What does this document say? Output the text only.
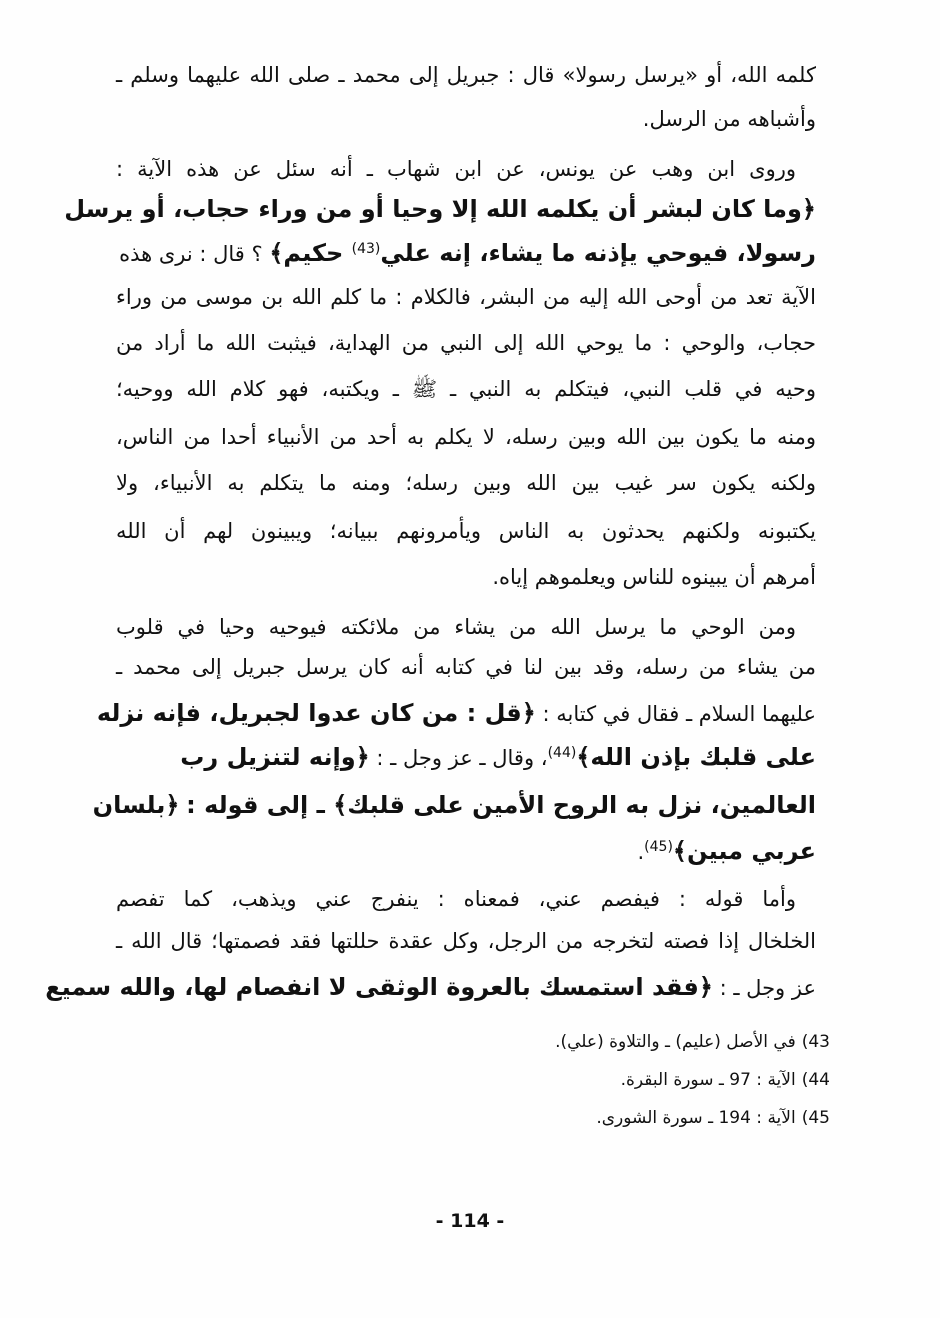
كلمه الله، أو «يرسل رسولا» قال : جبريل إلى محمد ـ صلى الله عليهما وسلم ـ
وأشباهه من الرسل.
وروى ابن وهب عن يونس، عن ابن شهاب ـ أنه سئل عن هذه الآية :
﴿وما كان لبشر أن يكلمه الله إلا وحيا أو من وراء حجاب، أو يرسل
رسولا، فيوحي يإذنه ما يشاء، إنه علي$^{(43)}$ حكيم﴾ ؟ قال : نرى هذه
الآية تعد من أوحى الله إليه من البشر، فالكلام : ما كلم الله بن موسى من وراء
حجاب، والوحي : ما يوحي الله إلى النبي من الهداية، فيثبت الله ما أراد من
وحيه في قلب النبي، فيتكلم به النبي ـ ﷺ ـ ويكتبه، فهو كلام الله ووحيه؛
ومنه ما يكون بين الله وبين رسله، لا يكلم به أحد من الأنبياء أحدا من الناس،
ولكنه يكون سر غيب بين الله وبين رسله؛ ومنه ما يتكلم به الأنبياء، ولا
يكتبونه ولكنهم يحدثون به الناس ويأمرونهم ببيانه؛ ويبينون لهم أن الله
أمرهم أن يبينوه للناس ويعلموهم إياه.
ومن الوحي ما يرسل الله من يشاء من ملائكته فيوحيه وحيا في قلوب
من يشاء من رسله، وقد بين لنا في كتابه أنه كان يرسل جبريل إلى محمد ـ
عليهما السلام ـ فقال في كتابه : ﴿قل : من كان عدوا لجبريل، فإنه نزله
على قلبك بإذن الله﴾$^{(44)}$، وقال ـ عز وجل ـ : ﴿وإنه لتنزيل رب
العالمين، نزل به الروح الأمين على قلبك﴾ ـ إلى قوله : ﴿بلسان
عربي مبين﴾$^{(45)}$.
وأما قوله : فيفصم عني، فمعناه : ينفرج عني ويذهب، كما تفصم
الخلخال إذا فصته لتخرجه من الرجل، وكل عقدة حللتها فقد فصمتها؛ قال الله ـ
عز وجل ـ : ﴿فقد استمسك بالعروة الوثقى لا انفصام لها، والله سميع
43)في الأصل (عليم) ـ والتلاوة (علي).
44)الآية : 97 ـ سورة البقرة.
45)الآية : 194 ـ سورة الشورى.
- 114 -
